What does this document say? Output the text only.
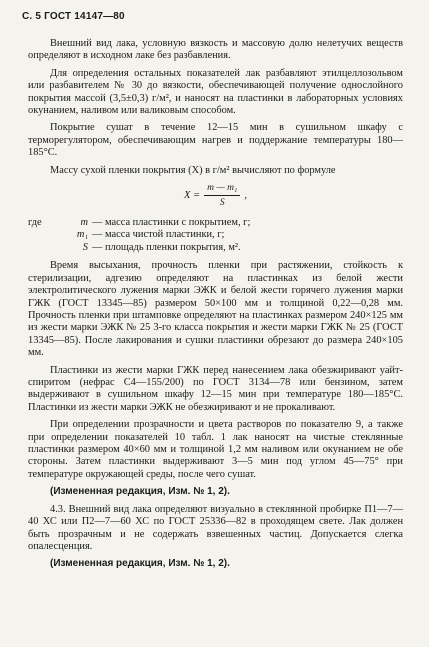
С. 5 ГОСТ 14147—80

Внешний вид лака, условную вязкость и массовую долю нелетучих веществ определяют в исходном лаке без разбавления.

Для определения остальных показателей лак разбавляют этилцеллозольвом или разбавителем № 30 до вязкости, обеспечивающей получение однослойного покрытия массой (3,5±0,3) г/м², и наносят на пластинки в лабораторных условиях окунанием, наливом или валиковым способом.

Покрытие сушат в течение 12—15 мин в сушильном шкафу с терморегулятором, обеспечивающим нагрев и поддержание температуры 180—185°С.

Массу сухой пленки покрытия (X) в г/м² вычисляют по формуле

$X = \frac{\text{m — m₁}}{S}$ ,
где	m — масса пластинки с покрытием, г;
m₁ — масса чистой пластинки, г;
S — площадь пленки покрытия, м².

Время высыхания, прочность пленки при растяжении, стойкость к стерилизации, адгезию определяют на пластинках из белой жести электролитического лужения марки ЭЖК и белой жести горячего лужения марки ГЖК (ГОСТ 13345—85) размером 50×100 мм и толщиной 0,22—0,28 мм. Прочность пленки при штамповке определяют на пластинках размером 240×125 мм из жести марки ЭЖК № 25 3-го класса покрытия и жести марки ГЖК № 25 (ГОСТ 13345—85). После лакирования и сушки пластинки обрезают до размера 240×105 мм.

Пластинки из жести марки ГЖК перед нанесением лака обезжиривают уайт-спиритом (нефрас С4—155/200) по ГОСТ 3134—78 или бензином, затем выдерживают в сушильном шкафу 12—15 мин при температуре 180—185°С. Пластинки из жести марки ЭЖК не обезжиривают и не прокаливают.

При определении прозрачности и цвета растворов по показателю 9, а также при определении показателей 10 табл. 1 лак наносят на чистые стеклянные пластинки размером 40×60 мм и толщиной 1,2 мм наливом или окунанием не обе стороны. Затем пластинки выдерживают 3—5 мин под углом 45—75° при температуре окружающей среды, после чего сушат.

(Измененная редакция, Изм. № 1, 2).

4.3. Внешний вид лака определяют визуально в стеклянной пробирке П1—7—40 ХС или П2—7—60 ХС по ГОСТ 25336—82 в проходящем свете. Лак должен быть прозрачным и не содержать взвешенных частиц. Допускается слегка опалесценция.

(Измененная редакция, Изм. № 1, 2).
